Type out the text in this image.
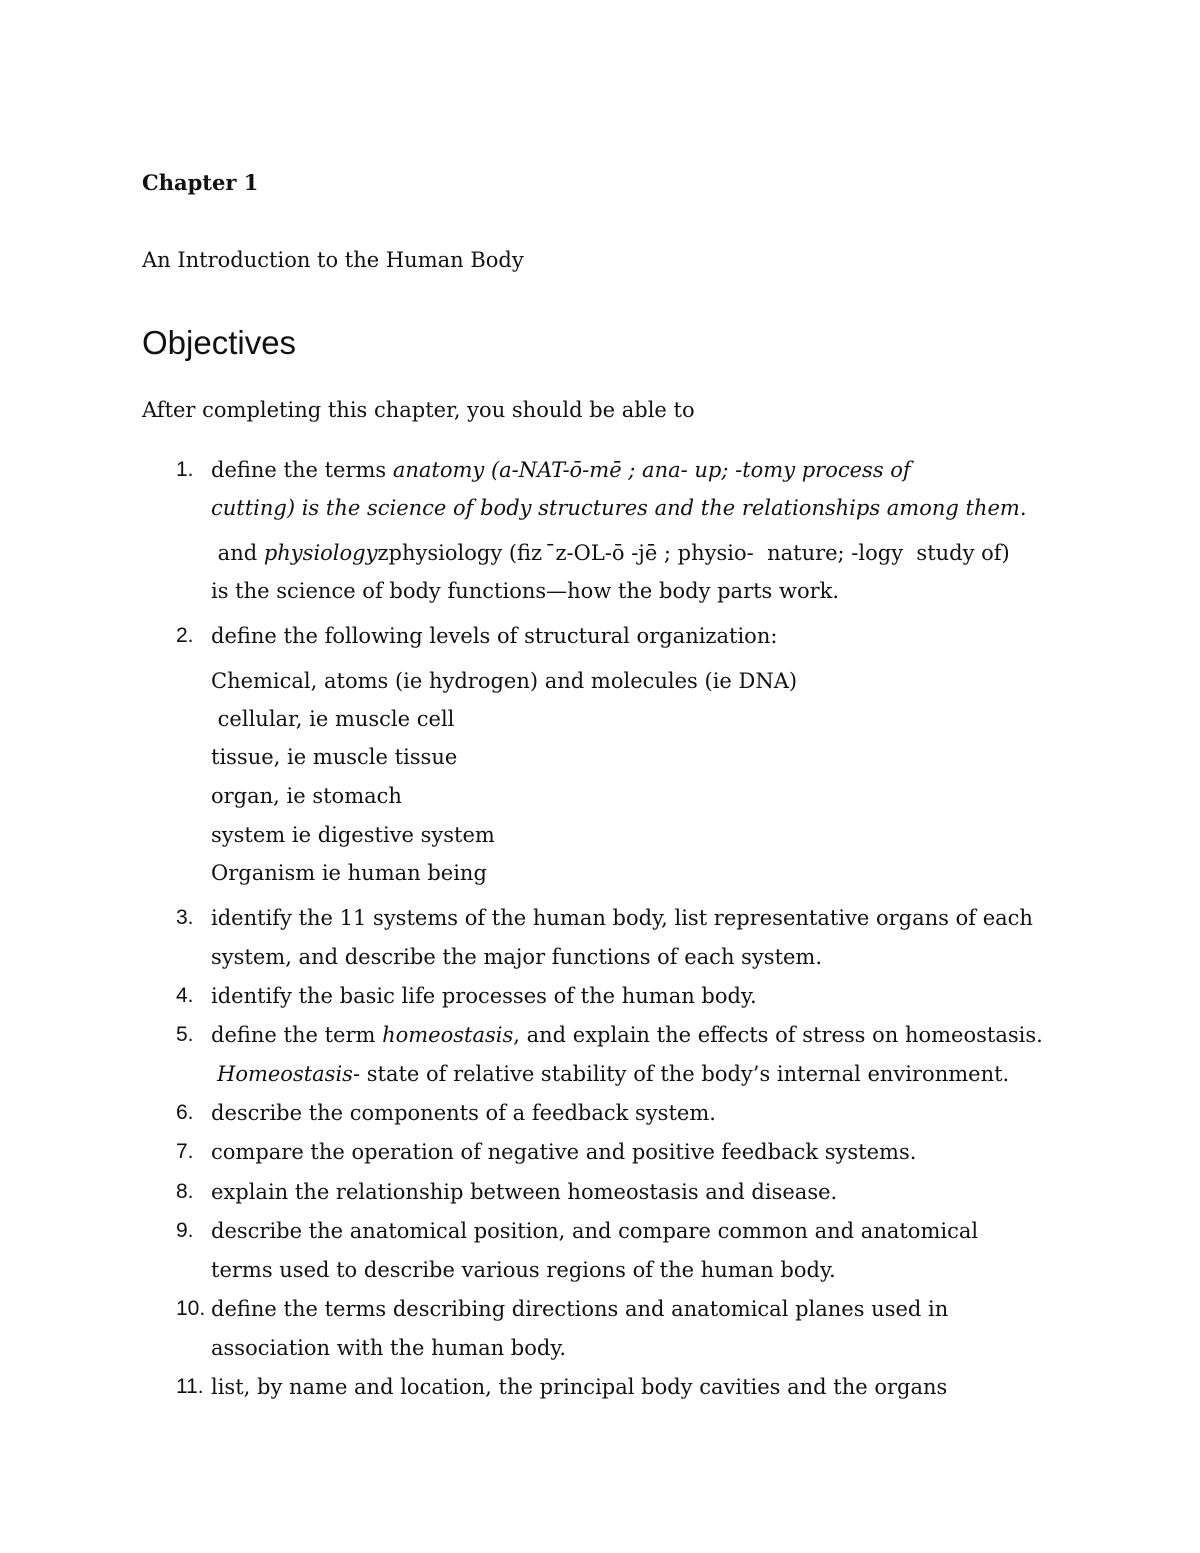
Chapter 1
An Introduction to the Human Body
Objectives
After completing this chapter, you should be able to
1. define the terms anatomy (a-NAT-ō-mē ; ana- up; -tomy process of
cutting) is the science of body structures and the relationships among them.
and physiologyzphysiology (fiz  ̄z-OL-ō -jē ; physio-  nature; -logy  study of)
is the science of body functions—how the body parts work.
2. define the following levels of structural organization:
Chemical, atoms (ie hydrogen) and molecules (ie DNA)
cellular, ie muscle cell
tissue, ie muscle tissue
organ, ie stomach
system ie digestive system
Organism ie human being
3. identify the 11 systems of the human body, list representative organs of each
system, and describe the major functions of each system.
4. identify the basic life processes of the human body.
5. define the term homeostasis, and explain the effects of stress on homeostasis.
Homeostasis- state of relative stability of the body’s internal environment.
6. describe the components of a feedback system.
7. compare the operation of negative and positive feedback systems.
8. explain the relationship between homeostasis and disease.
9. describe the anatomical position, and compare common and anatomical
terms used to describe various regions of the human body.
10. define the terms describing directions and anatomical planes used in
association with the human body.
11. list, by name and location, the principal body cavities and the organs
